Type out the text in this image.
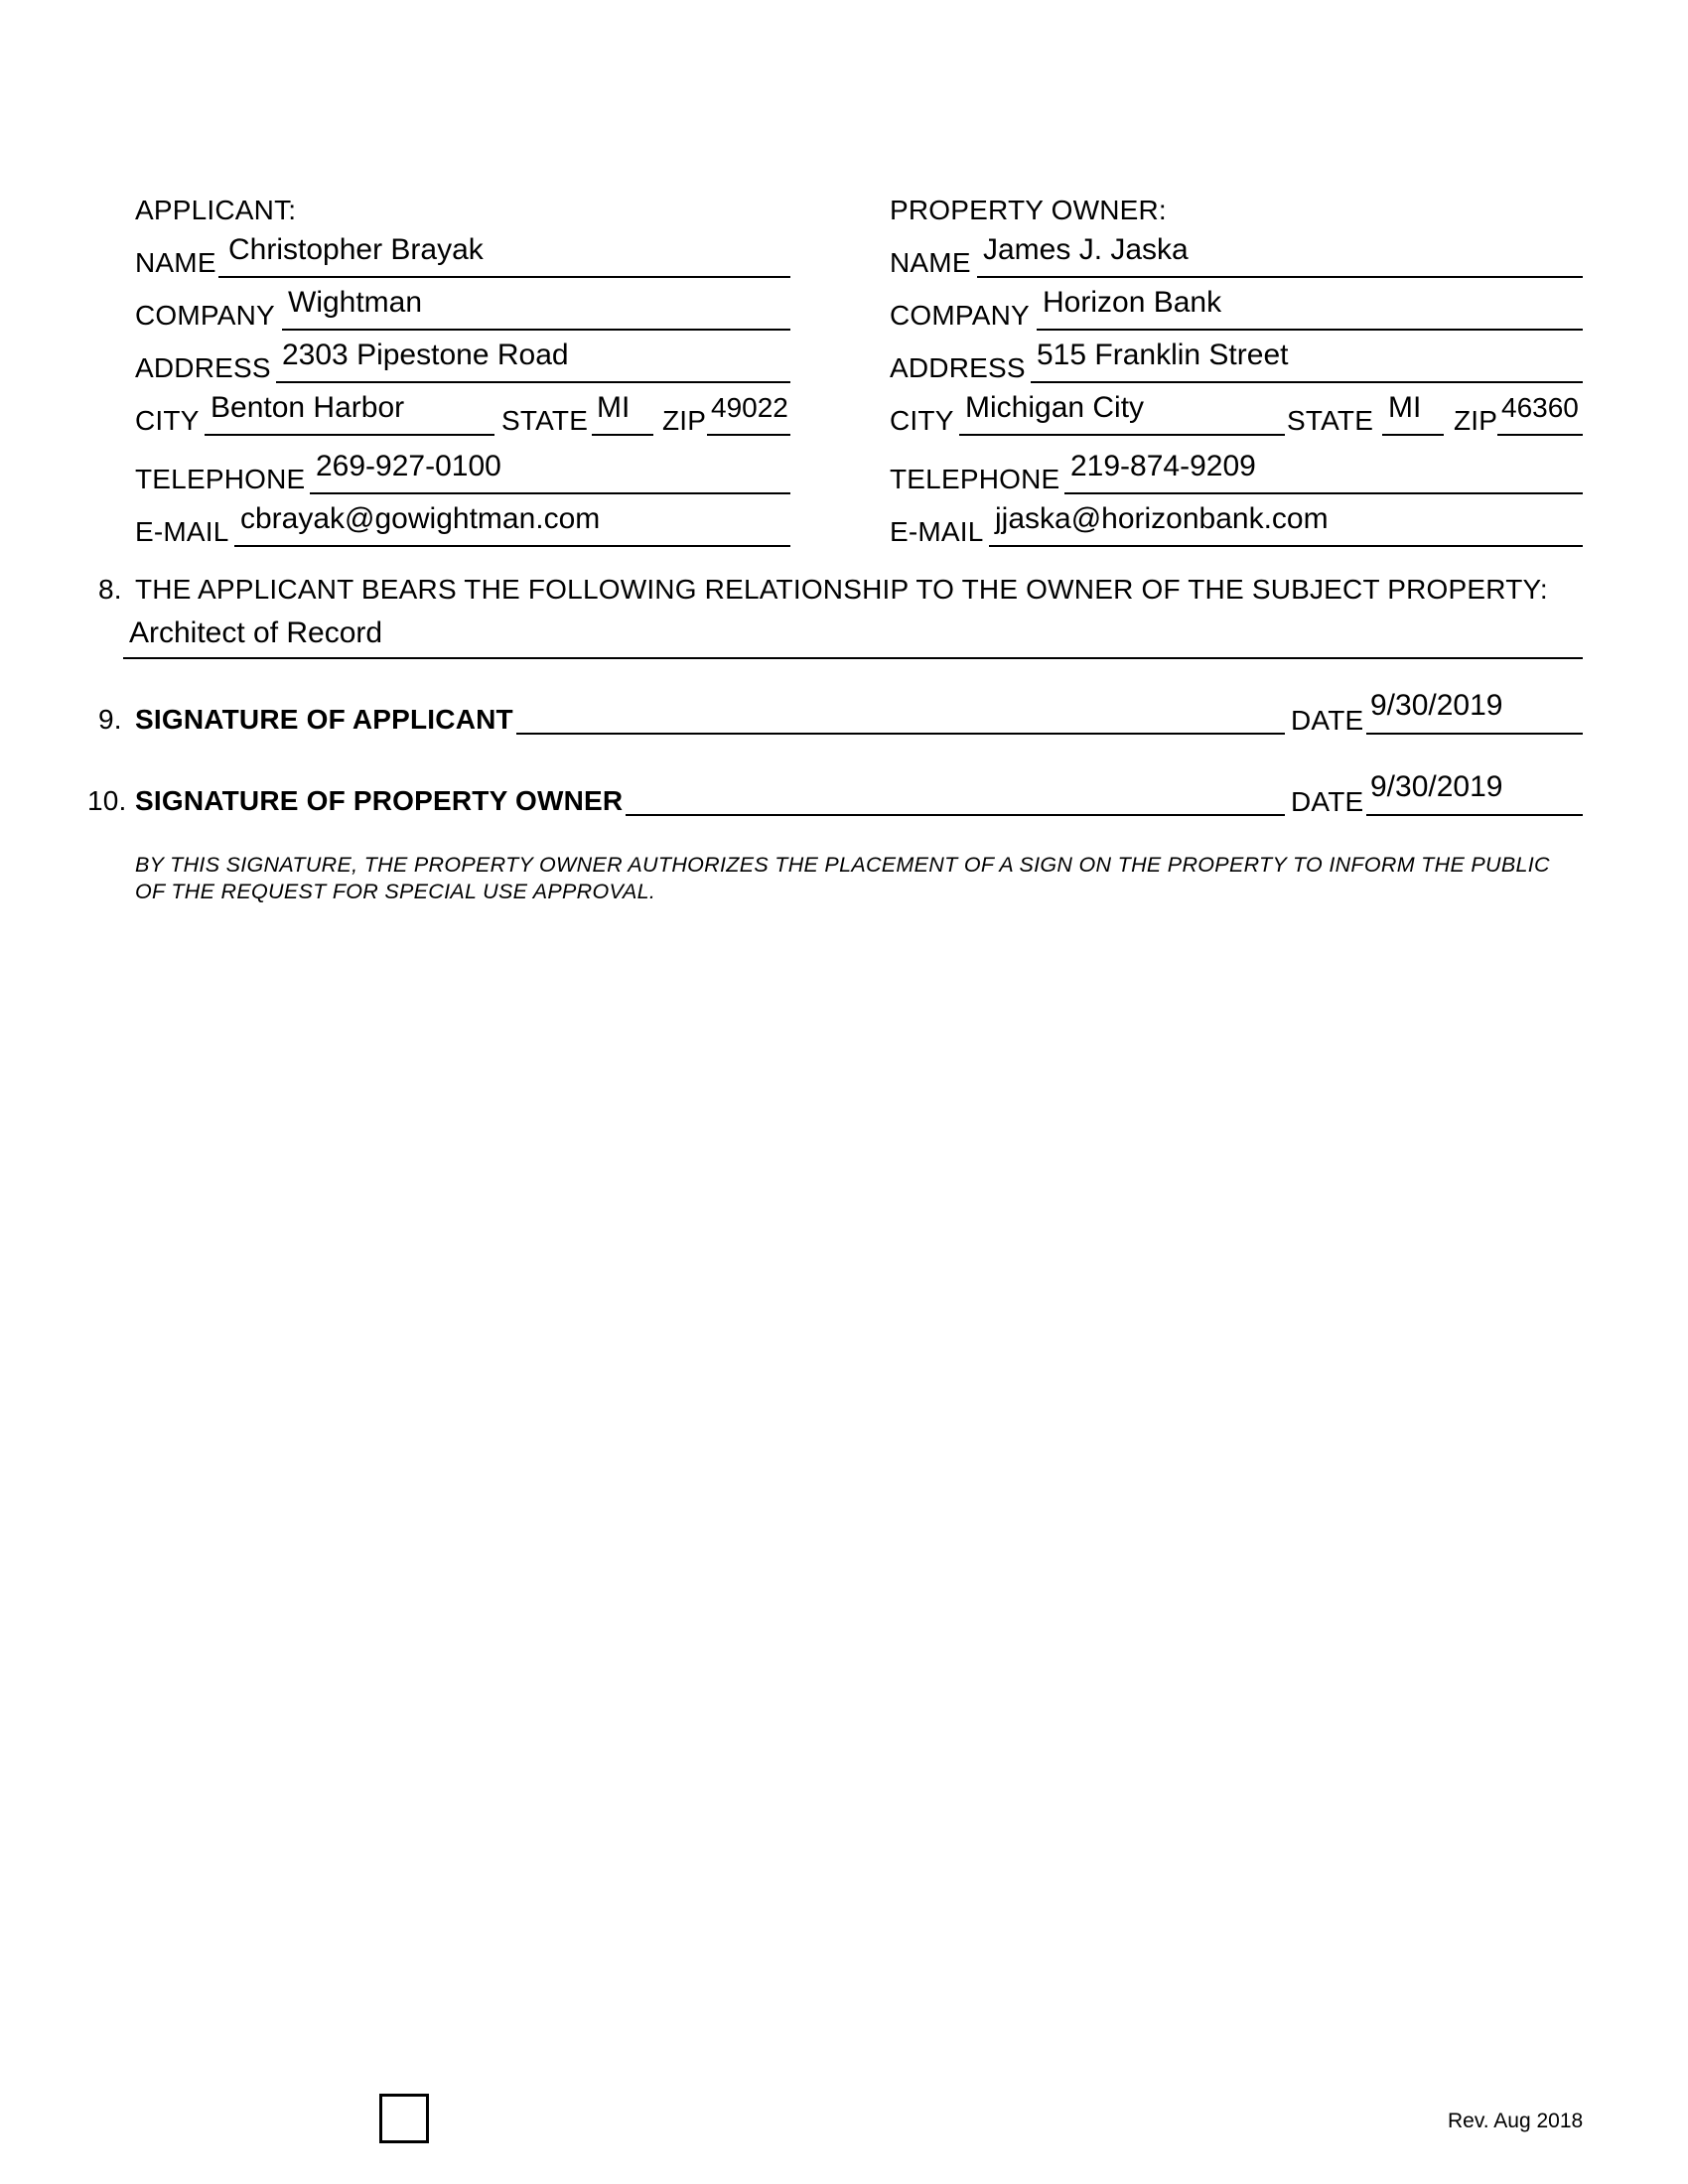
APPLICANT:
NAME Christopher Brayak
COMPANY Wightman
ADDRESS 2303 Pipestone Road
CITY Benton Harbor	STATE MI ZIP 49022
TELEPHONE 269-927-0100
E-MAIL cbrayak@gowightman.com
PROPERTY OWNER:
NAME James J. Jaska
COMPANY Horizon Bank
ADDRESS 515 Franklin Street
CITY Michigan City	STATE MI ZIP 46360
TELEPHONE 219-874-9209
E-MAIL jjaska@horizonbank.com
8. THE APPLICANT BEARS THE FOLLOWING RELATIONSHIP TO THE OWNER OF THE SUBJECT PROPERTY:
Architect of Record
9. SIGNATURE OF APPLICANT	DATE 9/30/2019
10. SIGNATURE OF PROPERTY OWNER	DATE 9/30/2019
BY THIS SIGNATURE, THE PROPERTY OWNER AUTHORIZES THE PLACEMENT OF A SIGN ON THE PROPERTY TO INFORM THE PUBLIC OF THE REQUEST FOR SPECIAL USE APPROVAL.
Rev. Aug 2018
